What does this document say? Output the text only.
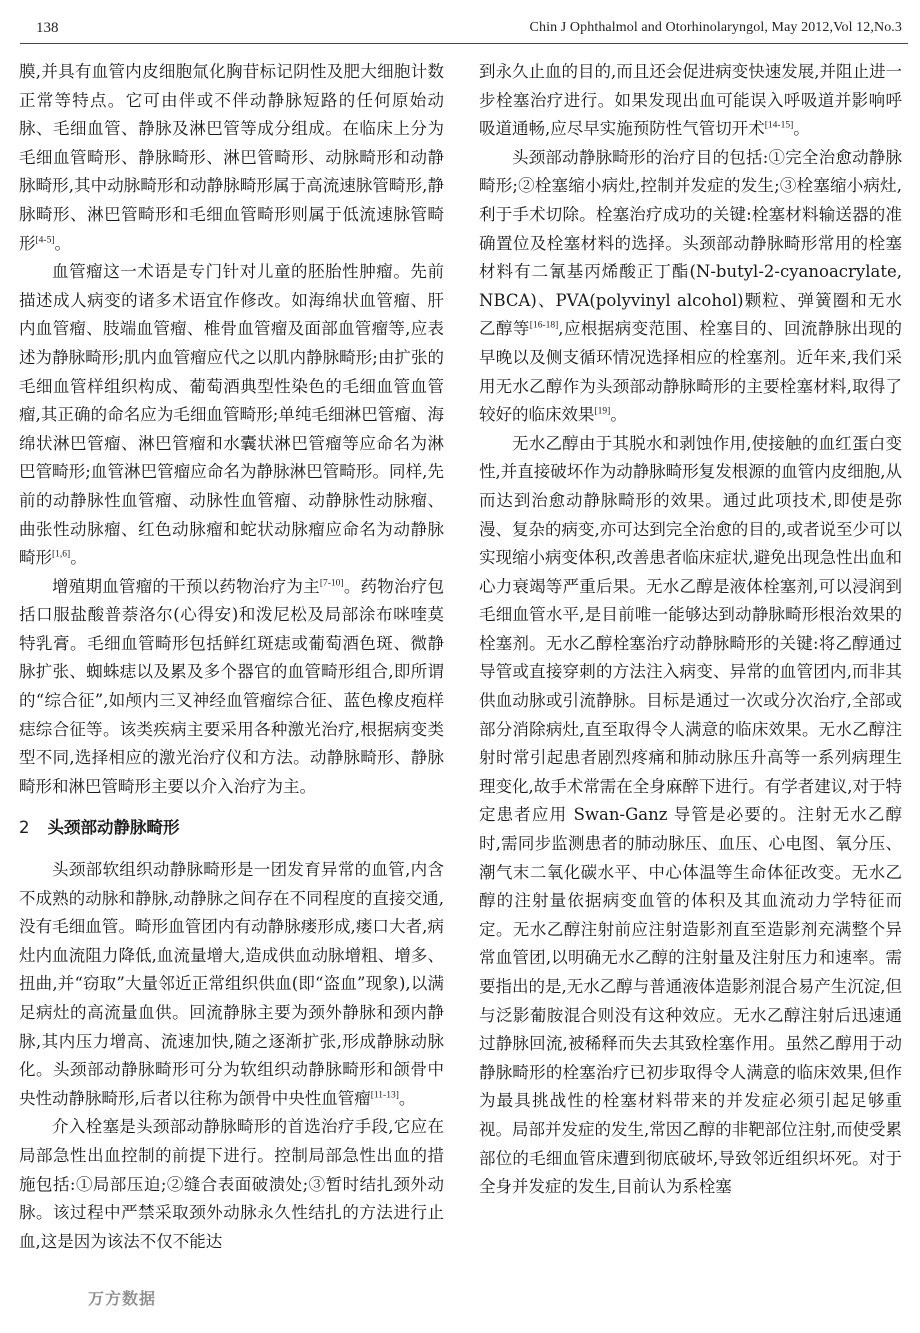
138	Chin J Ophthalmol and Otorhinolaryngol, May 2012,Vol 12,No.3

膜,并具有血管内皮细胞氚化胸苷标记阴性及肥大细胞计数正常等特点。它可由伴或不伴动静脉短路的任何原始动脉、毛细血管、静脉及淋巴管等成分组成。在临床上分为毛细血管畸形、静脉畸形、淋巴管畸形、动脉畸形和动静脉畸形,其中动脉畸形和动静脉畸形属于高流速脉管畸形,静脉畸形、淋巴管畸形和毛细血管畸形则属于低流速脉管畸形[4-5]。

血管瘤这一术语是专门针对儿童的胚胎性肿瘤。先前描述成人病变的诸多术语宜作修改。如海绵状血管瘤、肝内血管瘤、肢端血管瘤、椎骨血管瘤及面部血管瘤等,应表述为静脉畸形;肌内血管瘤应代之以肌内静脉畸形;由扩张的毛细血管样组织构成、葡萄酒典型性染色的毛细血管血管瘤,其正确的命名应为毛细血管畸形;单纯毛细淋巴管瘤、海绵状淋巴管瘤、淋巴管瘤和水囊状淋巴管瘤等应命名为淋巴管畸形;血管淋巴管瘤应命名为静脉淋巴管畸形。同样,先前的动静脉性血管瘤、动脉性血管瘤、动静脉性动脉瘤、曲张性动脉瘤、红色动脉瘤和蛇状动脉瘤应命名为动静脉畸形[1,6]。

增殖期血管瘤的干预以药物治疗为主[7-10]。药物治疗包括口服盐酸普萘洛尔(心得安)和泼尼松及局部涂布咪喹莫特乳膏。毛细血管畸形包括鲜红斑痣或葡萄酒色斑、微静脉扩张、蜘蛛痣以及累及多个器官的血管畸形组合,即所谓的“综合征”,如颅内三叉神经血管瘤综合征、蓝色橡皮疱样痣综合征等。该类疾病主要采用各种激光治疗,根据病变类型不同,选择相应的激光治疗仪和方法。动静脉畸形、静脉畸形和淋巴管畸形主要以介入治疗为主。

2 头颈部动静脉畸形

头颈部软组织动静脉畸形是一团发育异常的血管,内含不成熟的动脉和静脉,动静脉之间存在不同程度的直接交通,没有毛细血管。畸形血管团内有动静脉瘘形成,瘘口大者,病灶内血流阻力降低,血流量增大,造成供血动脉增粗、增多、扭曲,并“窃取”大量邻近正常组织供血(即“盗血”现象),以满足病灶的高流量血供。回流静脉主要为颈外静脉和颈内静脉,其内压力增高、流速加快,随之逐渐扩张,形成静脉动脉化。头颈部动静脉畸形可分为软组织动静脉畸形和颌骨中央性动静脉畸形,后者以往称为颌骨中央性血管瘤[11-13]。

介入栓塞是头颈部动静脉畸形的首选治疗手段,它应在局部急性出血控制的前提下进行。控制局部急性出血的措施包括:①局部压迫;②缝合表面破溃处;③暂时结扎颈外动脉。该过程中严禁采取颈外动脉永久性结扎的方法进行止血,这是因为该法不仅不能达

到永久止血的目的,而且还会促进病变快速发展,并阻止进一步栓塞治疗进行。如果发现出血可能误入呼吸道并影响呼吸道通畅,应尽早实施预防性气管切开术[14-15]。

头颈部动静脉畸形的治疗目的包括:①完全治愈动静脉畸形;②栓塞缩小病灶,控制并发症的发生;③栓塞缩小病灶,利于手术切除。栓塞治疗成功的关键:栓塞材料输送器的准确置位及栓塞材料的选择。头颈部动静脉畸形常用的栓塞材料有二氰基丙烯酸正丁酯(N-butyl-2-cyanoacrylate, NBCA)、PVA(polyvinyl alcohol)颗粒、弹簧圈和无水乙醇等[16-18],应根据病变范围、栓塞目的、回流静脉出现的早晚以及侧支循环情况选择相应的栓塞剂。近年来,我们采用无水乙醇作为头颈部动静脉畸形的主要栓塞材料,取得了较好的临床效果[19]。

无水乙醇由于其脱水和剥蚀作用,使接触的血红蛋白变性,并直接破坏作为动静脉畸形复发根源的血管内皮细胞,从而达到治愈动静脉畸形的效果。通过此项技术,即使是弥漫、复杂的病变,亦可达到完全治愈的目的,或者说至少可以实现缩小病变体积,改善患者临床症状,避免出现急性出血和心力衰竭等严重后果。无水乙醇是液体栓塞剂,可以浸润到毛细血管水平,是目前唯一能够达到动静脉畸形根治效果的栓塞剂。无水乙醇栓塞治疗动静脉畸形的关键:将乙醇通过导管或直接穿刺的方法注入病变、异常的血管团内,而非其供血动脉或引流静脉。目标是通过一次或分次治疗,全部或部分消除病灶,直至取得令人满意的临床效果。无水乙醇注射时常引起患者剧烈疼痛和肺动脉压升高等一系列病理生理变化,故手术常需在全身麻醉下进行。有学者建议,对于特定患者应用 Swan-Ganz 导管是必要的。注射无水乙醇时,需同步监测患者的肺动脉压、血压、心电图、氧分压、潮气末二氧化碳水平、中心体温等生命体征改变。无水乙醇的注射量依据病变血管的体积及其血流动力学特征而定。无水乙醇注射前应注射造影剂直至造影剂充满整个异常血管团,以明确无水乙醇的注射量及注射压力和速率。需要指出的是,无水乙醇与普通液体造影剂混合易产生沉淀,但与泛影葡胺混合则没有这种效应。无水乙醇注射后迅速通过静脉回流,被稀释而失去其致栓塞作用。虽然乙醇用于动静脉畸形的栓塞治疗已初步取得令人满意的临床效果,但作为最具挑战性的栓塞材料带来的并发症必须引起足够重视。局部并发症的发生,常因乙醇的非靶部位注射,而使受累部位的毛细血管床遭到彻底破坏,导致邻近组织坏死。对于全身并发症的发生,目前认为系栓塞

万方数据
